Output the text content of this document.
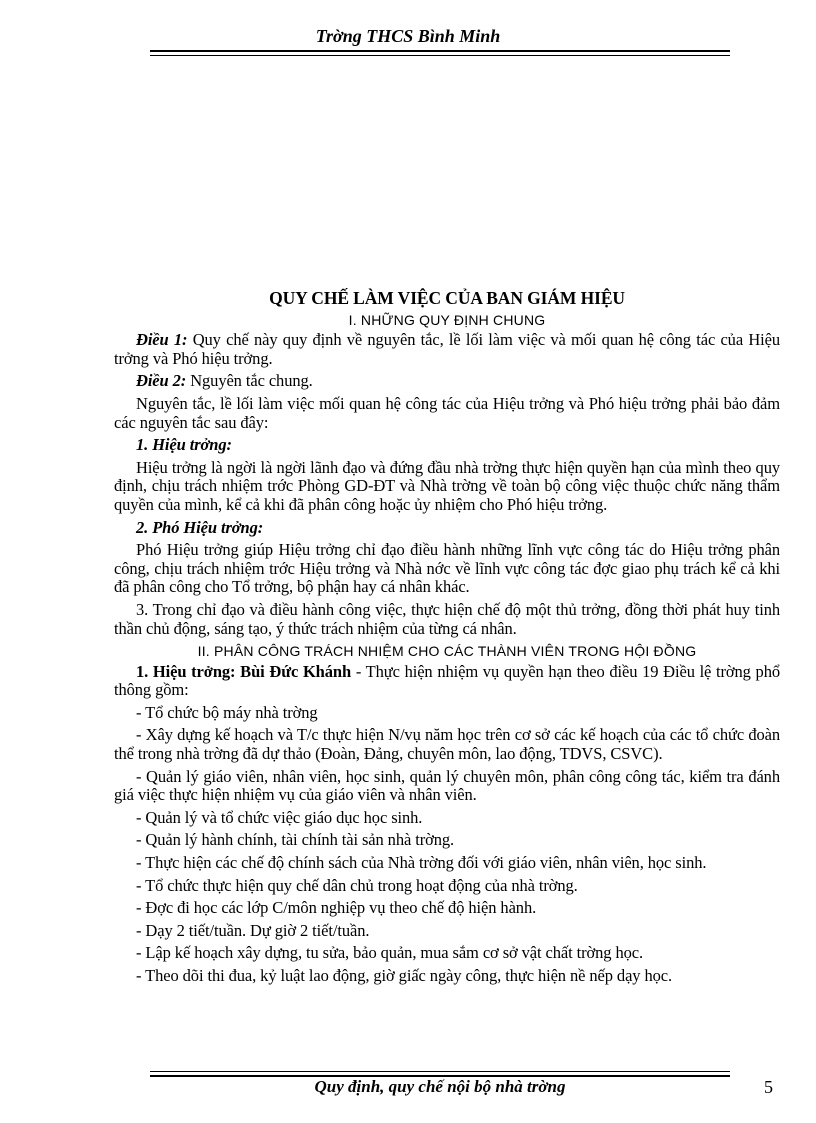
Trờng THCS Bình Minh

QUY CHẾ LÀM VIỆC CỦA BAN GIÁM HIỆU

I. NHỮNG QUY ĐỊNH CHUNG

Điều 1: Quy chế này quy định về nguyên tắc, lề lối làm việc và mối quan hệ công tác của Hiệu trởng và Phó hiệu trởng.

Điều 2: Nguyên tắc chung.

Nguyên tắc, lề lối làm việc mối quan hệ công tác của Hiệu trởng và Phó hiệu trởng phải bảo đảm các nguyên tắc sau đây:

1. Hiệu trởng:

Hiệu trởng là ngời là ngời lãnh đạo và đứng đầu nhà trờng thực hiện quyền hạn của mình theo quy định, chịu trách nhiệm trớc Phòng GD-ĐT và Nhà trờng về toàn bộ công việc thuộc chức năng thẩm quyền của mình, kể cả khi đã phân công hoặc ủy nhiệm cho Phó hiệu trởng.

2. Phó Hiệu trởng:

Phó Hiệu trởng giúp Hiệu trởng chỉ đạo điều hành những lĩnh vực công tác do Hiệu trởng phân công, chịu trách nhiệm trớc Hiệu trởng và Nhà nớc về lĩnh vực công tác đợc giao phụ trách kể cả khi đã phân công cho Tổ trởng, bộ phận hay cá nhân khác.

3. Trong chỉ đạo và điều hành công việc, thực hiện chế độ một thủ trởng, đồng thời phát huy tinh thần chủ động, sáng tạo, ý thức trách nhiệm của từng cá nhân.

II. PHÂN CÔNG TRÁCH NHIỆM CHO CÁC THÀNH VIÊN TRONG HỘI ĐỒNG

1. Hiệu trởng: Bùi Đức Khánh - Thực hiện nhiệm vụ quyền hạn theo điều 19 Điều lệ trờng phổ thông gồm:

- Tổ chức bộ máy nhà trờng

- Xây dựng kế hoạch và T/c thực hiện N/vụ năm học trên cơ sở các kế hoạch của các tổ chức đoàn thể trong nhà trờng đã dự thảo (Đoàn, Đảng, chuyên môn, lao động, TDVS, CSVC).

- Quản lý giáo viên, nhân viên, học sinh, quản lý chuyên môn, phân công công tác, kiểm tra đánh giá việc thực hiện nhiệm vụ của giáo viên và nhân viên.

- Quản lý và tổ chức việc giáo dục học sinh.

- Quản lý hành chính, tài chính tài sản nhà trờng.

- Thực hiện các chế độ chính sách của Nhà trờng đối với giáo viên, nhân viên, học sinh.

- Tổ chức thực hiện quy chế dân chủ trong hoạt động của nhà trờng.

- Đợc đi học các lớp C/môn nghiệp vụ theo chế độ hiện hành.

- Dạy 2 tiết/tuần. Dự giờ 2 tiết/tuần.

- Lập kế hoạch xây dựng, tu sửa, bảo quản, mua sắm cơ sở vật chất trờng học.

- Theo dõi thi đua, kỷ luật lao động, giờ giấc ngày công, thực hiện nề nếp dạy học.

Quy định, quy chế nội bộ nhà trờng	5
